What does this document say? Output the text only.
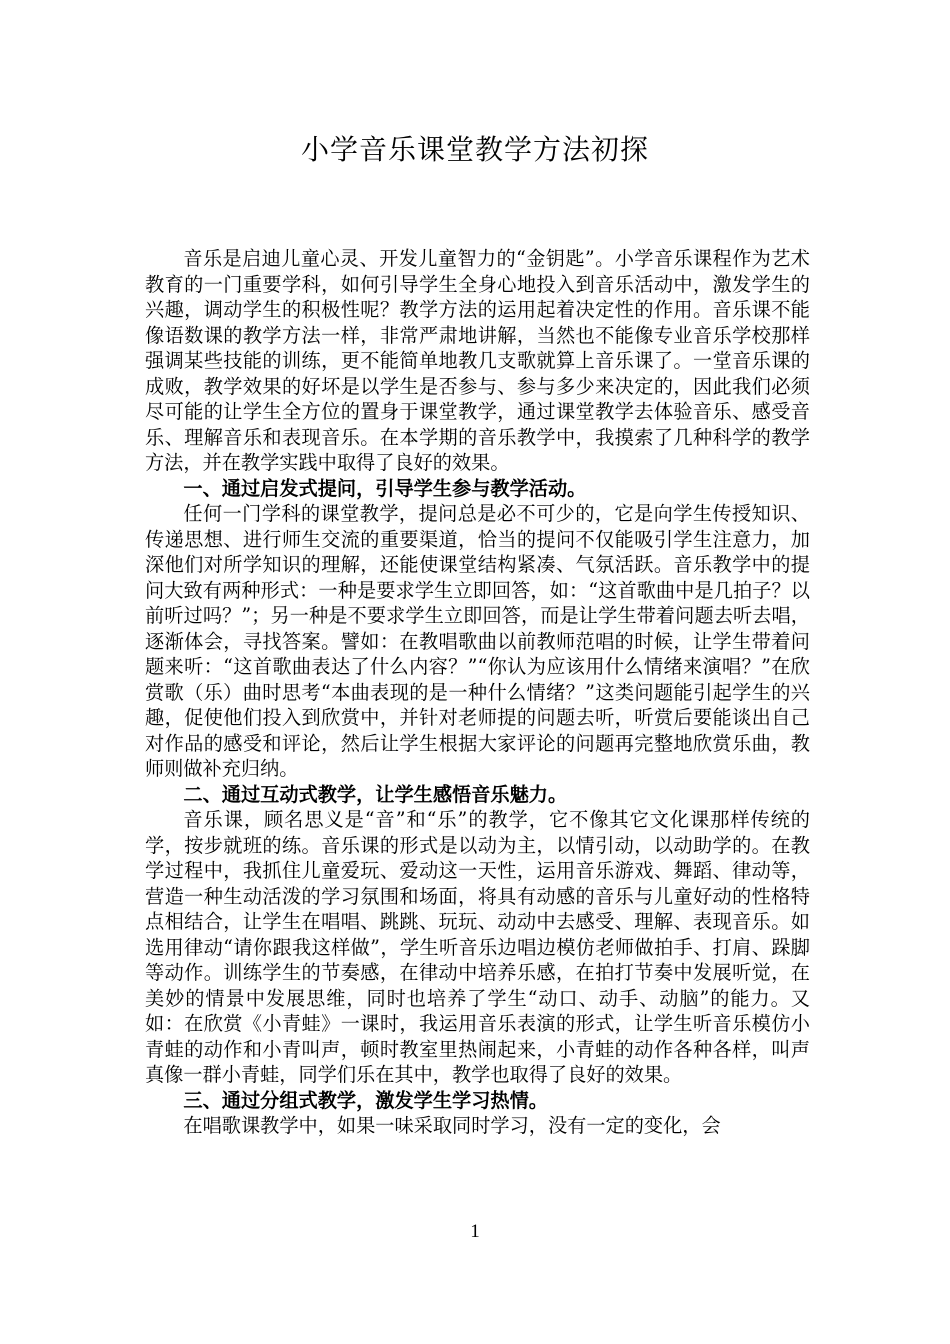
小学音乐课堂教学方法初探

音乐是启迪儿童心灵、开发儿童智力的“金钥匙”。小学音乐课程作为艺术教育的一门重要学科，如何引导学生全身心地投入到音乐活动中，激发学生的兴趣，调动学生的积极性呢？教学方法的运用起着决定性的作用。音乐课不能像语数课的教学方法一样，非常严肃地讲解，当然也不能像专业音乐学校那样强调某些技能的训练，更不能简单地教几支歌就算上音乐课了。一堂音乐课的成败，教学效果的好坏是以学生是否参与、参与多少来决定的，因此我们必须尽可能的让学生全方位的置身于课堂教学，通过课堂教学去体验音乐、感受音乐、理解音乐和表现音乐。在本学期的音乐教学中，我摸索了几种科学的教学方法，并在教学实践中取得了良好的效果。

一、通过启发式提问，引导学生参与教学活动。

任何一门学科的课堂教学，提问总是必不可少的，它是向学生传授知识、传递思想、进行师生交流的重要渠道，恰当的提问不仅能吸引学生注意力，加深他们对所学知识的理解，还能使课堂结构紧凑、气氛活跃。音乐教学中的提问大致有两种形式：一种是要求学生立即回答，如：“这首歌曲中是几拍子？以前听过吗？”；另一种是不要求学生立即回答，而是让学生带着问题去听去唱，逐渐体会，寻找答案。譬如：在教唱歌曲以前教师范唱的时候，让学生带着问题来听：“这首歌曲表达了什么内容？”“你认为应该用什么情绪来演唱？”在欣赏歌（乐）曲时思考“本曲表现的是一种什么情绪？”这类问题能引起学生的兴趣，促使他们投入到欣赏中，并针对老师提的问题去听，听赏后要能谈出自己对作品的感受和评论，然后让学生根据大家评论的问题再完整地欣赏乐曲，教师则做补充归纳。

二、通过互动式教学，让学生感悟音乐魅力。

音乐课，顾名思义是“音”和“乐”的教学，它不像其它文化课那样传统的学，按步就班的练。音乐课的形式是以动为主，以情引动，以动助学的。在教学过程中，我抓住儿童爱玩、爱动这一天性，运用音乐游戏、舞蹈、律动等，营造一种生动活泼的学习氛围和场面，将具有动感的音乐与儿童好动的性格特点相结合，让学生在唱唱、跳跳、玩玩、动动中去感受、理解、表现音乐。如选用律动“请你跟我这样做”，学生听音乐边唱边模仿老师做拍手、打肩、跺脚等动作。训练学生的节奏感，在律动中培养乐感，在拍打节奏中发展听觉，在美妙的情景中发展思维，同时也培养了学生“动口、动手、动脑”的能力。又如：在欣赏《小青蛙》一课时，我运用音乐表演的形式，让学生听音乐模仿小青蛙的动作和小青叫声，顿时教室里热闹起来，小青蛙的动作各种各样，叫声真像一群小青蛙，同学们乐在其中，教学也取得了良好的效果。

三、通过分组式教学，激发学生学习热情。

在唱歌课教学中，如果一味采取同时学习，没有一定的变化，会

1
